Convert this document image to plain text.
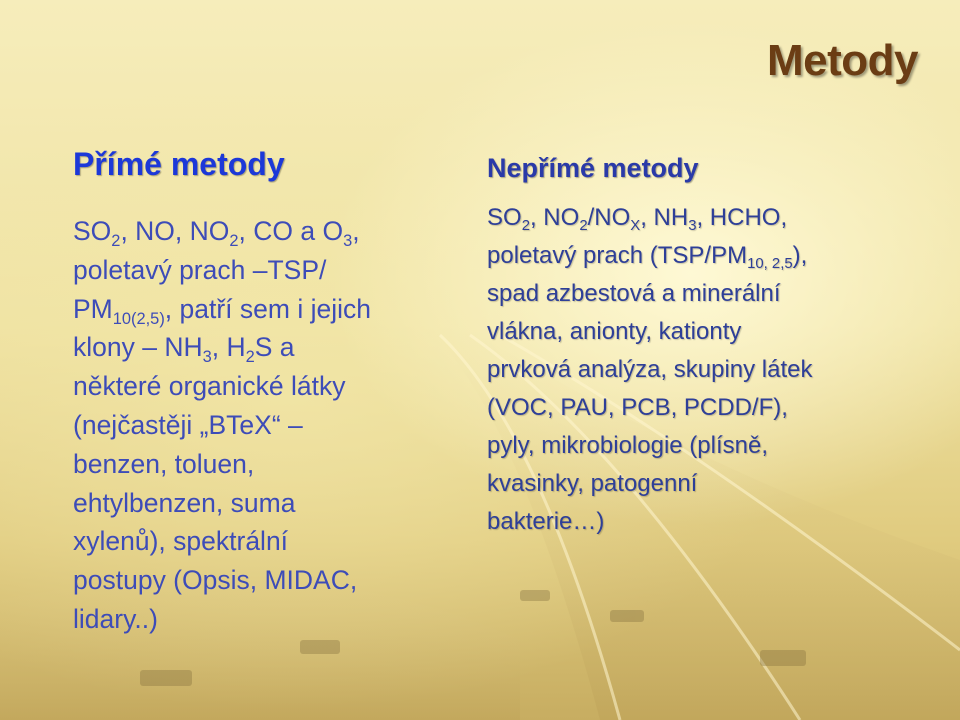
Metody
Přímé metody
$SO_2$, NO, $NO_2$, CO a $O_3$,
poletavý prach –TSP/
$PM_{10(2,5)}$, patří sem i jejich
klony – $NH_3$, $H_2S$ a
některé organické látky
(nejčastěji „BTeX“ –
benzen, toluen,
ehtylbenzen, suma
xylenů), spektrální
postupy (Opsis, MIDAC,
lidary..)
Nepřímé metody
$SO_2$, $NO_2/NO_X$, $NH_3$, HCHO,
poletavý prach $(TSP/PM_{10, 2,5})$,
spad azbestová a minerální
vlákna, anionty, kationty
prvková analýza, skupiny látek
(VOC, PAU, PCB, PCDD/F),
pyly, mikrobiologie (plísně,
kvasinky, patogenní
bakterie…)
